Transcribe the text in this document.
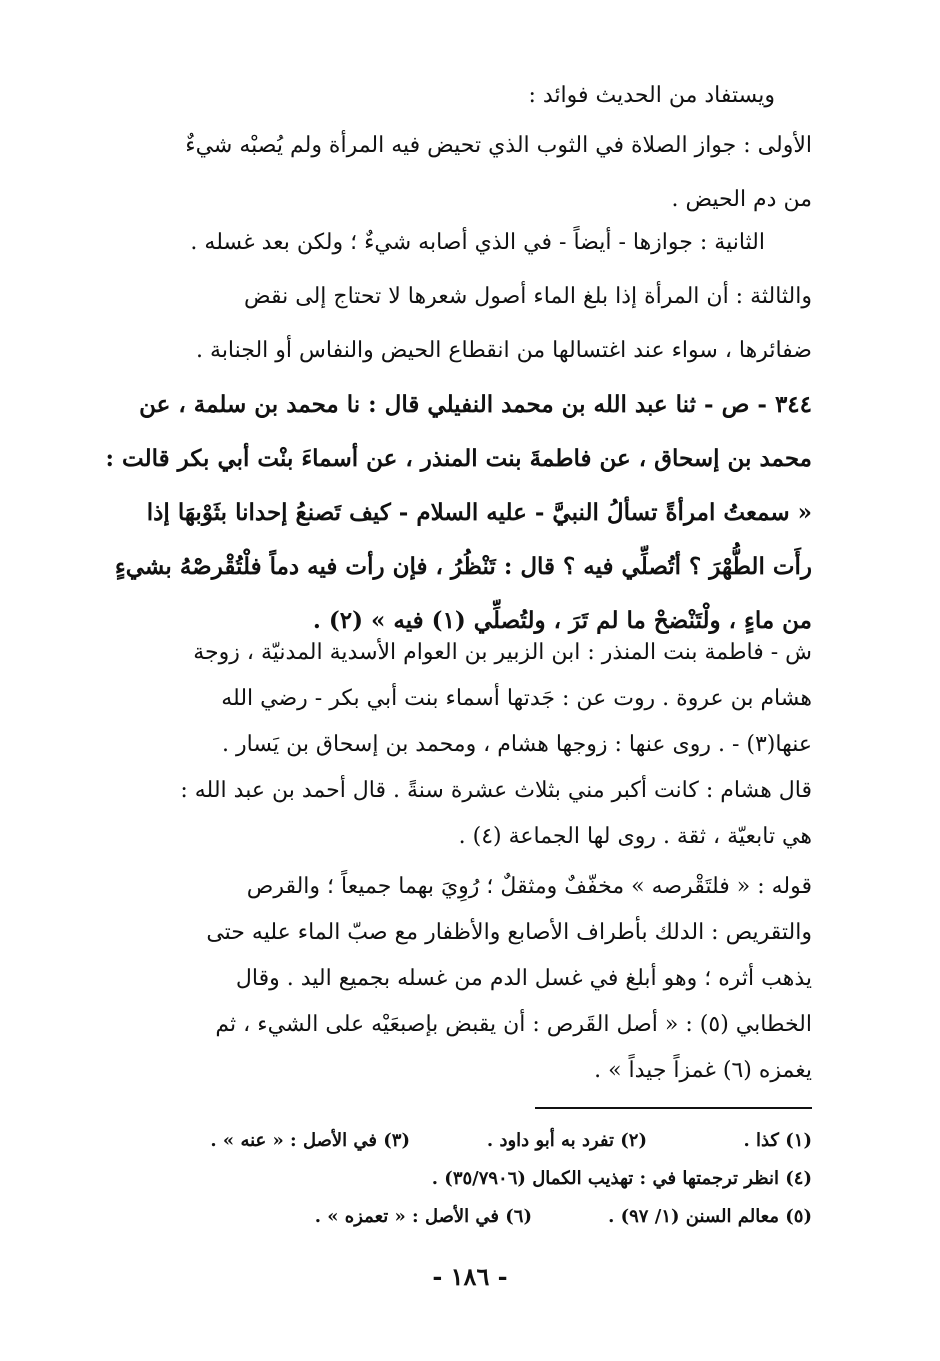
ويستفاد من الحديث فوائد :
الأولى : جواز الصلاة في الثوب الذي تحيض فيه المرأة ولم يُصبْه شيءٌ
من دم الحيض .
الثانية : جوازها - أيضاً - في الذي أصابه شيءٌ ؛ ولكن بعد غسله .
والثالثة : أن المرأة إذا بلغ الماء أصول شعرها لا تحتاج إلى نقض
ضفائرها ، سواء عند اغتسالها من انقطاع الحيض والنفاس أو الجنابة .
٣٤٤ - ص - ثنا عبد الله بن محمد النفيلي قال : نا محمد بن سلمة ، عن
محمد بن إسحاق ، عن فاطمةَ بنت المنذر ، عن أسماءَ بنْت أبي بكر قالت :
« سمعتُ امرأةً تسألُ النبيَّ - عليه السلام - كيف تَصنعُ إحدانا بثَوْبهَا إذا
رأَت الطُّهْرَ ؟ أتُصلِّي فيه ؟ قال : تَنْظُرُ ، فإن رأت فيه دماً فلْتُقْرصْهُ بشيءٍ
من ماءٍ ، ولْتَنْضحْ ما لم تَرَ ، ولتُصلِّي (١) فيه » (٢) .
ش - فاطمة بنت المنذر : ابن الزبير بن العوام الأسدية المدنيّة ، زوجة
هشام بن عروة . روت عن : جَدتها أسماء بنت أبي بكر - رضي الله
عنها(٣) - . روى عنها : زوجها هشام ، ومحمد بن إسحاق بن يَسار .
قال هشام : كانت أكبر مني بثلاث عشرة سنةً . قال أحمد بن عبد الله :
هي تابعيّة ، ثقة . روى لها الجماعة (٤) .
قوله : « فلتَقْرصه » مخفّفٌ ومثقلٌ ؛ رُوِيَ بهما جميعاً ؛ والقرص
والتقريص : الدلك بأطراف الأصابع والأظفار مع صبّ الماء عليه حتى
يذهب أثره ؛ وهو أبلغ في غسل الدم من غسله بجميع اليد . وقال
الخطابي (٥) : « أصل القَرص : أن يقبض بإصبعَيْه على الشيء ، ثم
يغمزه (٦) غمزاً جيداً » .
(١) كذا .
(٢) تفرد به أبو داود .
(٣) في الأصل : « عنه » .
(٤) انظر ترجمتها في : تهذيب الكمال (٣٥/٧٩٠٦) .
(٥) معالم السنن (١/ ٩٧) .
(٦) في الأصل : « تعمزه » .
- ١٨٦ -
